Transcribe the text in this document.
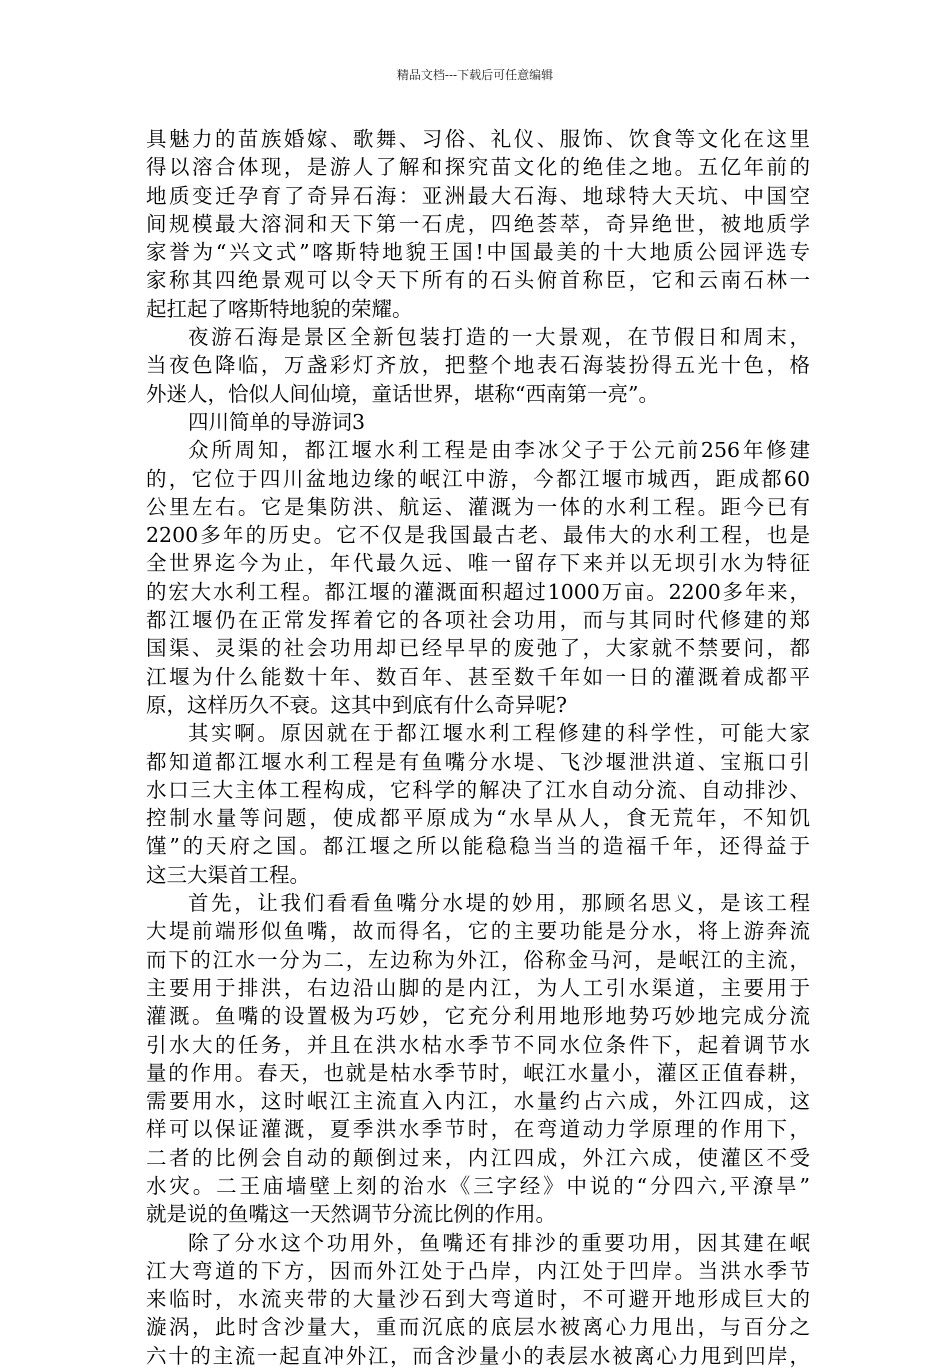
精品文档---下载后可任意编辑
具魅力的苗族婚嫁、歌舞、习俗、礼仪、服饰、饮食等文化在这里
得以溶合体现，是游人了解和探究苗文化的绝佳之地。五亿年前的
地质变迁孕育了奇异石海：亚洲最大石海、地球特大天坑、中国空
间规模最大溶洞和天下第一石虎，四绝荟萃，奇异绝世，被地质学
家誉为“兴文式”喀斯特地貌王国!中国最美的十大地质公园评选专
家称其四绝景观可以令天下所有的石头俯首称臣，它和云南石林一
起扛起了喀斯特地貌的荣耀。
夜游石海是景区全新包装打造的一大景观，在节假日和周末，
当夜色降临，万盏彩灯齐放，把整个地表石海装扮得五光十色，格
外迷人，恰似人间仙境，童话世界，堪称“西南第一亮”。
四川简单的导游词3
众所周知，都江堰水利工程是由李冰父子于公元前256年修建
的，它位于四川盆地边缘的岷江中游，今都江堰市城西，距成都60
公里左右。它是集防洪、航运、灌溉为一体的水利工程。距今已有
2200多年的历史。它不仅是我国最古老、最伟大的水利工程，也是
全世界迄今为止，年代最久远、唯一留存下来并以无坝引水为特征
的宏大水利工程。都江堰的灌溉面积超过1000万亩。2200多年来，
都江堰仍在正常发挥着它的各项社会功用，而与其同时代修建的郑
国渠、灵渠的社会功用却已经早早的废弛了，大家就不禁要问，都
江堰为什么能数十年、数百年、甚至数千年如一日的灌溉着成都平
原，这样历久不衰。这其中到底有什么奇异呢?
其实啊。原因就在于都江堰水利工程修建的科学性，可能大家
都知道都江堰水利工程是有鱼嘴分水堤、飞沙堰泄洪道、宝瓶口引
水口三大主体工程构成，它科学的解决了江水自动分流、自动排沙、
控制水量等问题，使成都平原成为“水旱从人，食无荒年，不知饥
馑”的天府之国。都江堰之所以能稳稳当当的造福千年，还得益于
这三大渠首工程。
首先，让我们看看鱼嘴分水堤的妙用，那顾名思义，是该工程
大堤前端形似鱼嘴，故而得名，它的主要功能是分水，将上游奔流
而下的江水一分为二，左边称为外江，俗称金马河，是岷江的主流，
主要用于排洪，右边沿山脚的是内江，为人工引水渠道，主要用于
灌溉。鱼嘴的设置极为巧妙，它充分利用地形地势巧妙地完成分流
引水大的任务，并且在洪水枯水季节不同水位条件下，起着调节水
量的作用。春天，也就是枯水季节时，岷江水量小，灌区正值春耕，
需要用水，这时岷江主流直入内江，水量约占六成，外江四成，这
样可以保证灌溉，夏季洪水季节时，在弯道动力学原理的作用下，
二者的比例会自动的颠倒过来，内江四成，外江六成，使灌区不受
水灾。二王庙墙壁上刻的治水《三字经》中说的“分四六,平潦旱”
就是说的鱼嘴这一天然调节分流比例的作用。
除了分水这个功用外，鱼嘴还有排沙的重要功用，因其建在岷
江大弯道的下方，因而外江处于凸岸，内江处于凹岸。当洪水季节
来临时，水流夹带的大量沙石到大弯道时，不可避开地形成巨大的
漩涡，此时含沙量大，重而沉底的底层水被离心力甩出，与百分之
六十的主流一起直冲外江，而含沙量小的表层水被离心力甩到凹岸，
